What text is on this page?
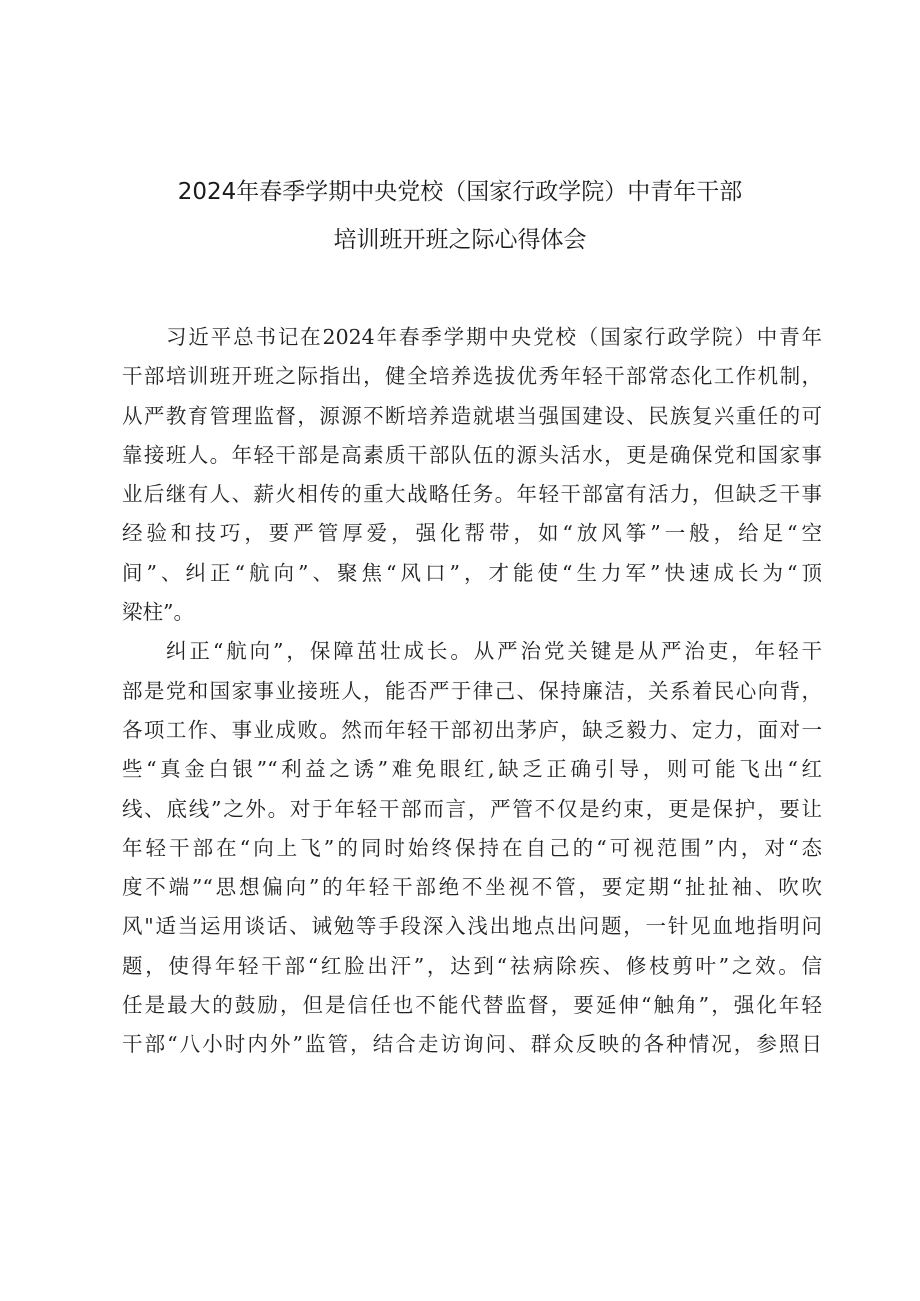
2024年春季学期中央党校（国家行政学院）中青年干部
培训班开班之际心得体会
习近平总书记在2024年春季学期中央党校（国家行政学院）中青年
干部培训班开班之际指出，健全培养选拔优秀年轻干部常态化工作机制，
从严教育管理监督，源源不断培养造就堪当强国建设、民族复兴重任的可
靠接班人。年轻干部是高素质干部队伍的源头活水，更是确保党和国家事
业后继有人、薪火相传的重大战略任务。年轻干部富有活力，但缺乏干事
经验和技巧，要严管厚爱，强化帮带，如“放风筝”一般，给足“空
间”、纠正“航向”、聚焦“风口”，才能使“生力军”快速成长为“顶
梁柱”。
纠正“航向”，保障茁壮成长。从严治党关键是从严治吏，年轻干
部是党和国家事业接班人，能否严于律己、保持廉洁，关系着民心向背，
各项工作、事业成败。然而年轻干部初出茅庐，缺乏毅力、定力，面对一
些“真金白银”“利益之诱”难免眼红,缺乏正确引导，则可能飞出“红
线、底线”之外。对于年轻干部而言，严管不仅是约束，更是保护，要让
年轻干部在“向上飞”的同时始终保持在自己的“可视范围”内，对“态
度不端”“思想偏向”的年轻干部绝不坐视不管，要定期“扯扯袖、吹吹
风"适当运用谈话、诫勉等手段深入浅出地点出问题，一针见血地指明问
题，使得年轻干部“红脸出汗”，达到“祛病除疾、修枝剪叶”之效。信
任是最大的鼓励，但是信任也不能代替监督，要延伸“触角”，强化年轻
干部“八小时内外”监管，结合走访询问、群众反映的各种情况，参照日
